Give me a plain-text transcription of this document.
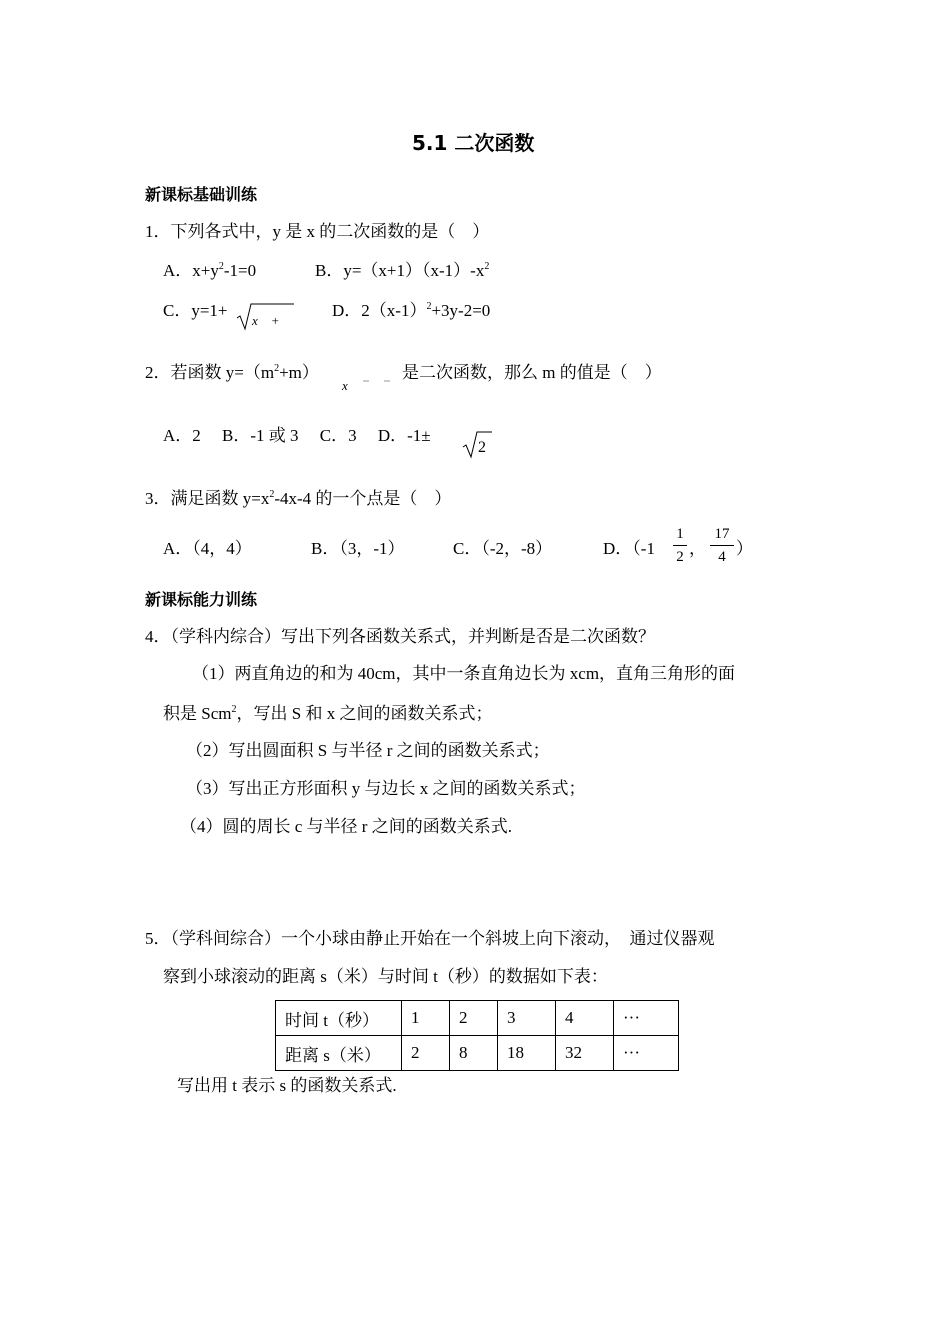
5.1 二次函数
新课标基础训练
1．下列各式中，y 是 x 的二次函数的是（　）
A．$x+y^2-1=0$	B．$y=(x+1)(x-1)-x^2$
C．y=1+
x　+
D．$2(x-1)^2+3y-2=0$
2．若函数 $y=(m^2+m)$
x
是二次函数，那么 m 的值是（　）
A．2　 B．-1 或 3　 C．3　 D．-1±
2
3．满足函数 $y=x^2-4x-4$ 的一个点是（　）
A．（4，4）	B．（3，-1）	C．（-2，-8）	D．（-1
1
2 ，
17
4 ）
新课标能力训练
4．（学科内综合）写出下列各函数关系式，并判断是否是二次函数？
（1）两直角边的和为 40cm，其中一条直角边长为 xcm，直角三角形的面
积是 Scm$^2$，写出 S 和 x 之间的函数关系式；
（2）写出圆面积 S 与半径 r 之间的函数关系式；
（3）写出正方形面积 y 与边长 x 之间的函数关系式；
（4）圆的周长 c 与半径 r 之间的函数关系式.
5．（学科间综合）一个小球由静止开始在一个斜坡上向下滚动，　通过仪器观
察到小球滚动的距离 s（米）与时间 t（秒）的数据如下表：
时间 t（秒）	1	2	3	4	···
距离 s（米）	2	8	18	32	···
写出用 t 表示 s 的函数关系式.
